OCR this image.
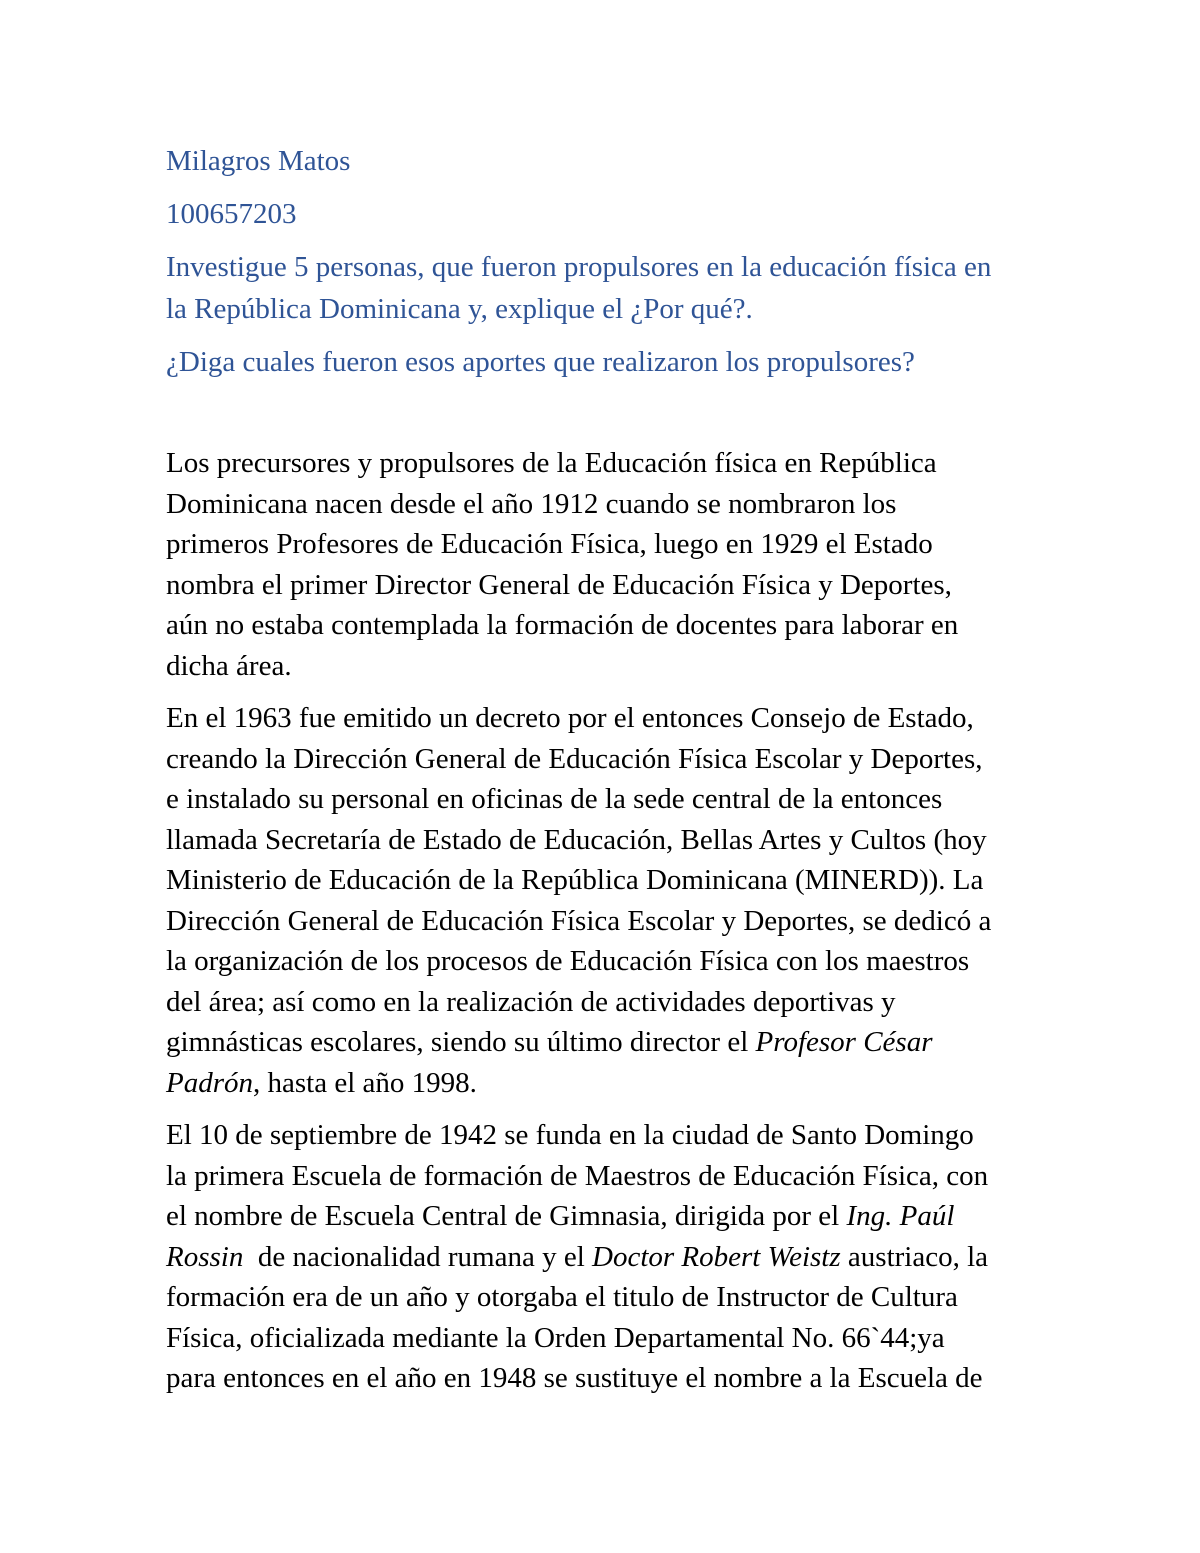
Milagros Matos

100657203

Investigue 5 personas, que fueron propulsores en la educación física en
la República Dominicana y, explique el ¿Por qué?.

¿Diga cuales fueron esos aportes que realizaron los propulsores?

Los precursores y propulsores de la Educación física en República
Dominicana nacen desde el año 1912 cuando se nombraron los
primeros Profesores de Educación Física, luego en 1929 el Estado
nombra el primer Director General de Educación Física y Deportes,
aún no estaba contemplada la formación de docentes para laborar en
dicha área.

En el 1963 fue emitido un decreto por el entonces Consejo de Estado,
creando la Dirección General de Educación Física Escolar y Deportes,
e instalado su personal en oficinas de la sede central de la entonces
llamada Secretaría de Estado de Educación, Bellas Artes y Cultos (hoy
Ministerio de Educación de la República Dominicana (MINERD)). La
Dirección General de Educación Física Escolar y Deportes, se dedicó a
la organización de los procesos de Educación Física con los maestros
del área; así como en la realización de actividades deportivas y
gimnásticas escolares, siendo su último director el Profesor César
Padrón, hasta el año 1998.

El 10 de septiembre de 1942 se funda en la ciudad de Santo Domingo
la primera Escuela de formación de Maestros de Educación Física, con
el nombre de Escuela Central de Gimnasia, dirigida por el Ing. Paúl
Rossin  de nacionalidad rumana y el Doctor Robert Weistz austriaco, la
formación era de un año y otorgaba el titulo de Instructor de Cultura
Física, oficializada mediante la Orden Departamental No. 66`44;ya
para entonces en el año en 1948 se sustituye el nombre a la Escuela de
